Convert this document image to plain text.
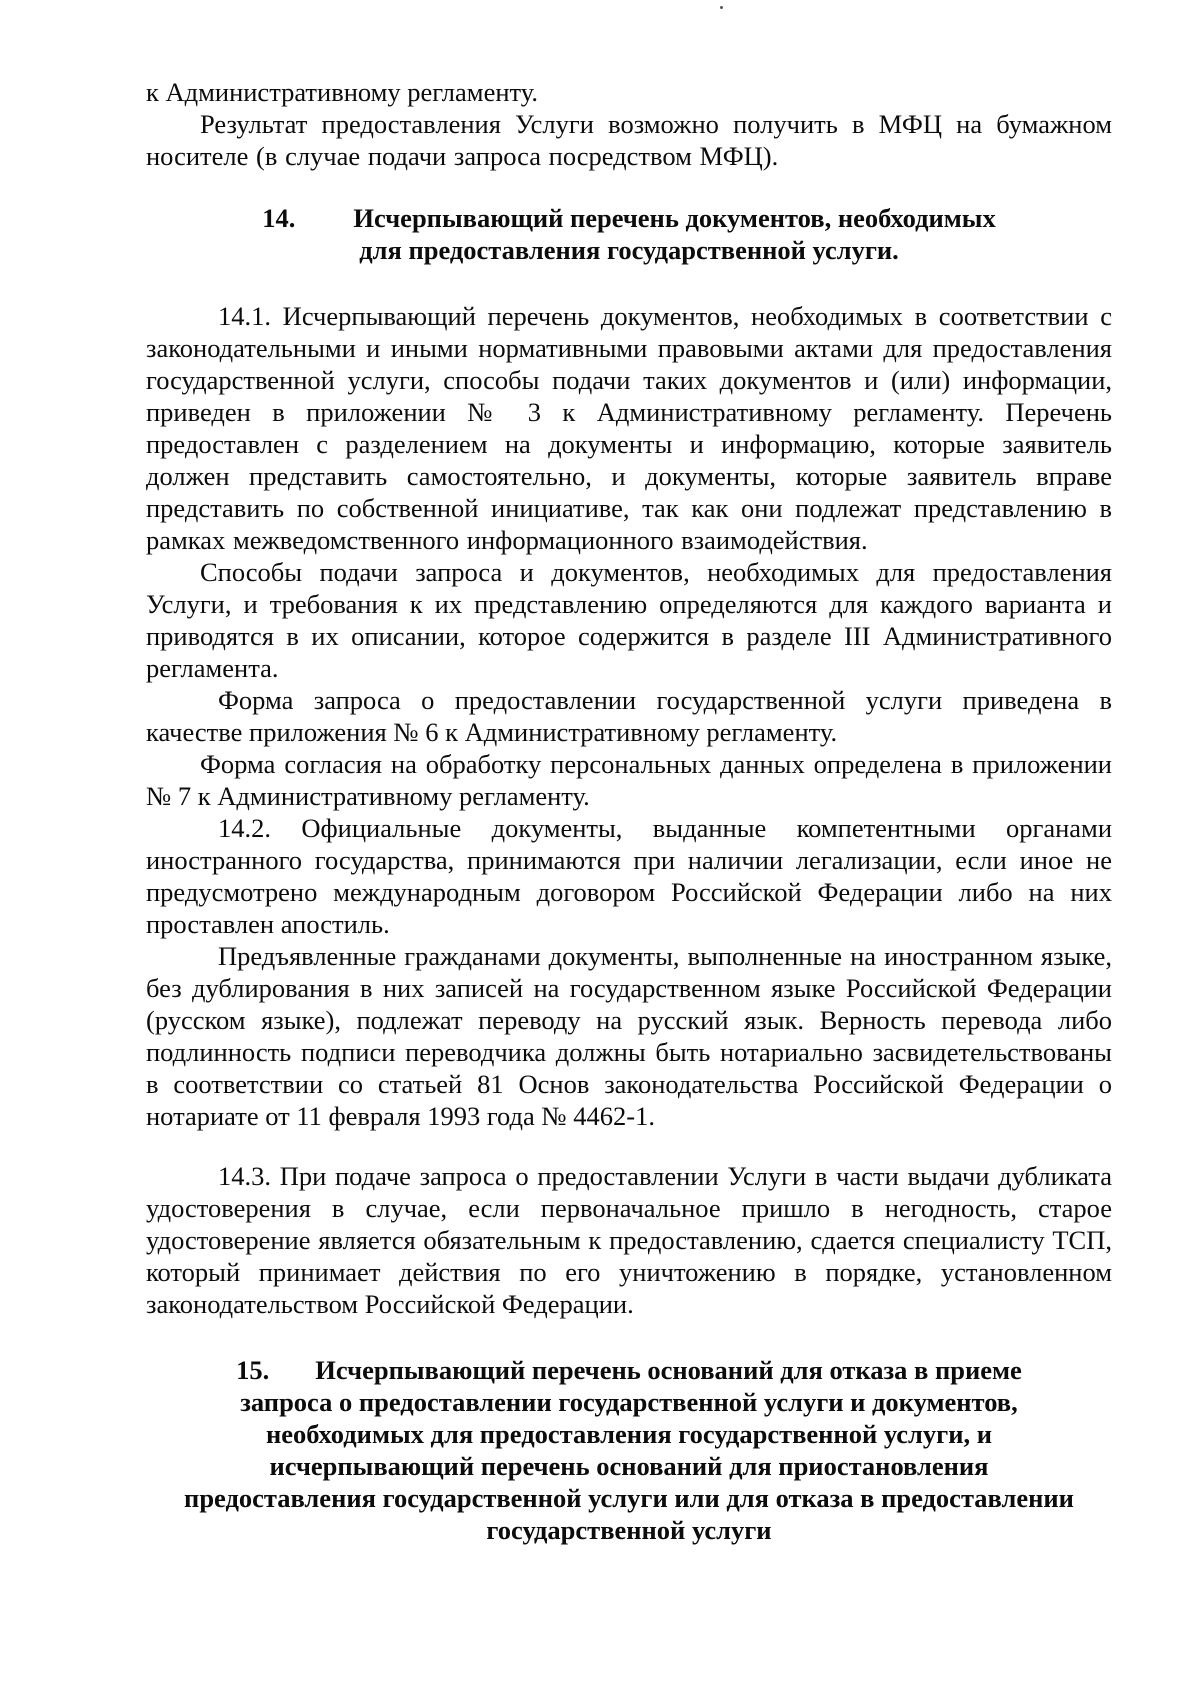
к Административному регламенту.

Результат предоставления Услуги возможно получить в МФЦ на бумажном носителе (в случае подачи запроса посредством МФЦ).

14. Исчерпывающий перечень документов, необходимых

для предоставления государственной услуги.

14.1. Исчерпывающий перечень документов, необходимых в соответствии с законодательными и иными нормативными правовыми актами для предоставления государственной услуги, способы подачи таких документов и (или) информации, приведен в приложении № 3 к Административному регламенту. Перечень предоставлен с разделением на документы и информацию, которые заявитель должен представить самостоятельно, и документы, которые заявитель вправе представить по собственной инициативе, так как они подлежат представлению в рамках межведомственного информационного взаимодействия.

Способы подачи запроса и документов, необходимых для предоставления Услуги, и требования к их представлению определяются для каждого варианта и приводятся в их описании, которое содержится в разделе III Административного регламента.

Форма запроса о предоставлении государственной услуги приведена в качестве приложения № 6 к Административному регламенту.

Форма согласия на обработку персональных данных определена в приложении № 7 к Административному регламенту.

14.2. Официальные документы, выданные компетентными органами иностранного государства, принимаются при наличии легализации, если иное не предусмотрено международным договором Российской Федерации либо на них проставлен апостиль.

Предъявленные гражданами документы, выполненные на иностранном языке, без дублирования в них записей на государственном языке Российской Федерации (русском языке), подлежат переводу на русский язык. Верность перевода либо подлинность подписи переводчика должны быть нотариально засвидетельствованы в соответствии со статьей 81 Основ законодательства Российской Федерации о нотариате от 11 февраля 1993 года № 4462-1.

14.3. При подаче запроса о предоставлении Услуги в части выдачи дубликата удостоверения в случае, если первоначальное пришло в негодность, старое удостоверение является обязательным к предоставлению, сдается специалисту ТСП, который принимает действия по его уничтожению в порядке, установленном законодательством Российской Федерации.

15. Исчерпывающий перечень оснований для отказа в приеме

запроса о предоставлении государственной услуги и документов,

необходимых для предоставления государственной услуги, и

исчерпывающий перечень оснований для приостановления

предоставления государственной услуги или для отказа в предоставлении

государственной услуги
